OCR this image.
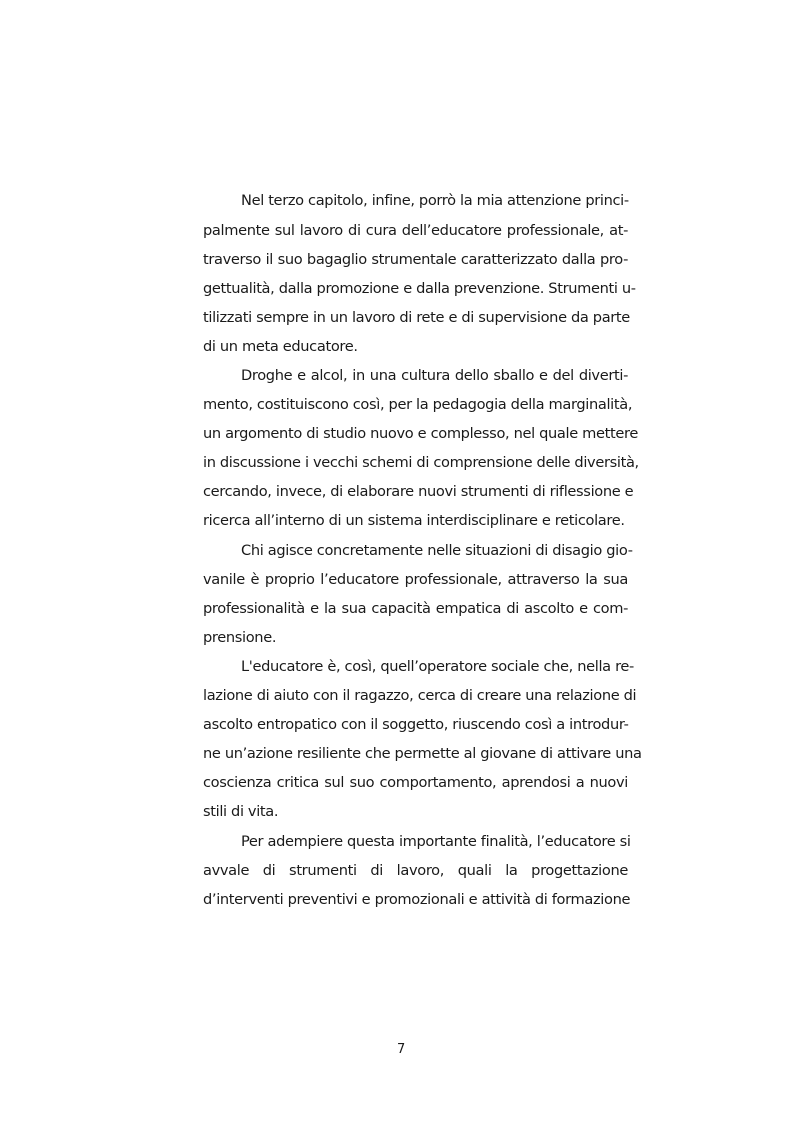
Nel terzo capitolo, infine, porrò la mia attenzione princi-
palmente sul lavoro di cura dell’educatore professionale, at-
traverso il suo bagaglio strumentale caratterizzato dalla pro-
gettualità, dalla promozione e dalla prevenzione. Strumenti u-
tilizzati sempre in un lavoro di rete e di supervisione da parte
di un meta educatore.
Droghe e alcol, in una cultura dello sballo e del diverti-
mento, costituiscono così, per la pedagogia della marginalità,
un argomento di studio nuovo e complesso, nel quale mettere
in discussione i vecchi schemi di comprensione delle diversità,
cercando, invece, di elaborare nuovi strumenti di riflessione e
ricerca all’interno di un sistema interdisciplinare e reticolare.
Chi agisce concretamente nelle situazioni di disagio gio-
vanile è proprio l’educatore professionale, attraverso la sua
professionalità e la sua capacità empatica di ascolto e com-
prensione.
L'educatore è, così, quell’operatore sociale che, nella re-
lazione di aiuto con il ragazzo, cerca di creare una relazione di
ascolto entropatico con il soggetto, riuscendo così a introdur-
ne un’azione resiliente che permette al giovane di attivare una
coscienza critica sul suo comportamento, aprendosi a nuovi
stili di vita.
Per adempiere questa importante finalità, l’educatore si
avvale di strumenti di lavoro, quali la progettazione
d’interventi preventivi e promozionali e attività di formazione
7
